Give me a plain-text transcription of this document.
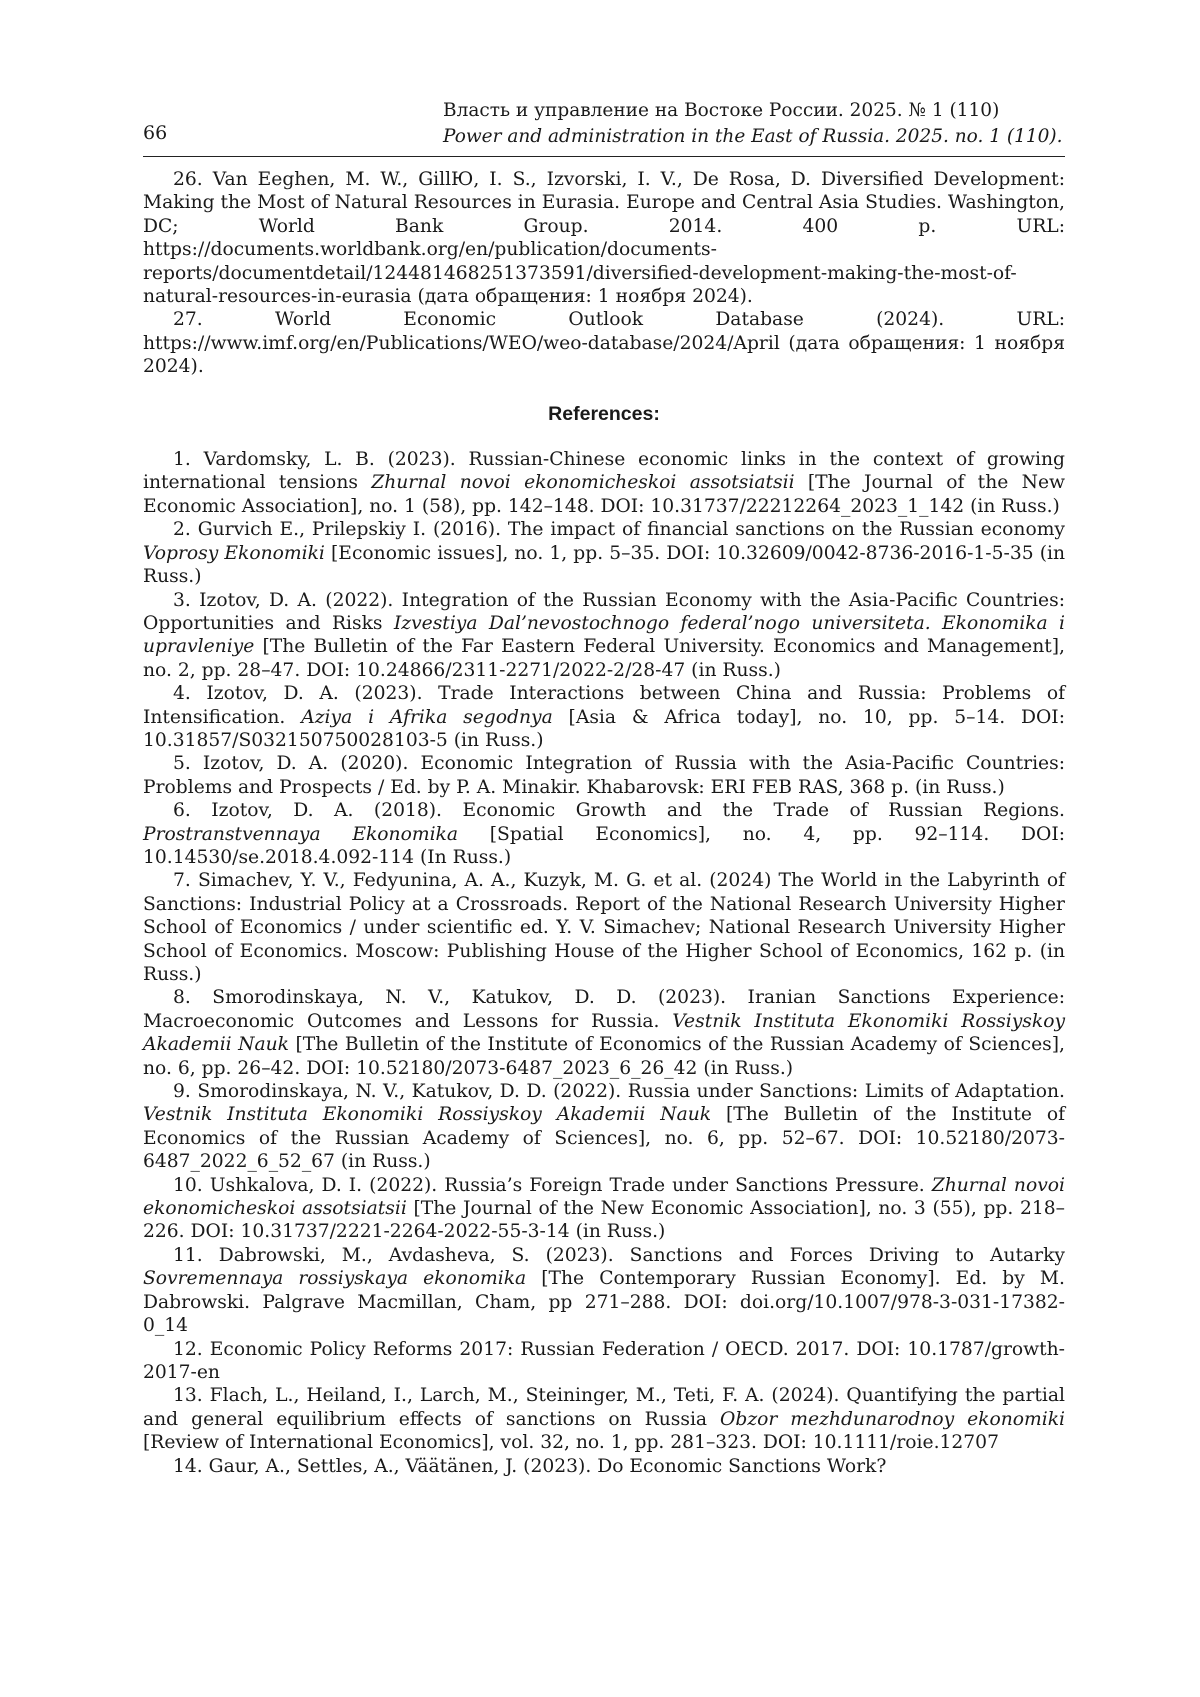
66
Власть и управление на Востоке России. 2025. № 1 (110)
Power and administration in the East of Russia. 2025. no. 1 (110).

26. Van Eeghen, M. W., GillЮ, I. S., Izvorski, I. V., De Rosa, D. Diversified Development: Making the Most of Natural Resources in Eurasia. Europe and Central Asia Studies. Washington, DC; World Bank Group. 2014. 400 p. URL: https://documents.worldbank.org/en/publication/documents-reports/documentdetail/124481468251373591/diversified-development-making-the-most-of-natural-resources-in-eurasia (дата обращения: 1 ноября 2024).

27. World Economic Outlook Database (2024). URL: https://www.imf.org/en/Publications/WEO/weo-database/2024/April (дата обращения: 1 ноября 2024).

References:

1. Vardomsky, L. B. (2023). Russian-Chinese economic links in the context of growing international tensions Zhurnal novoi ekonomicheskoi assotsiatsii [The Journal of the New Economic Association], no. 1 (58), pp. 142–148. DOI: 10.31737/22212264_2023_1_142 (in Russ.)

2. Gurvich E., Prilepskiy I. (2016). The impact of financial sanctions on the Russian economy Voprosy Ekonomiki [Economic issues], no. 1, pp. 5–35. DOI: 10.32609/0042-8736-2016-1-5-35 (in Russ.)

3. Izotov, D. A. (2022). Integration of the Russian Economy with the Asia-Pacific Countries: Opportunities and Risks Izvestiya Dal’nevostochnogo federal’nogo universiteta. Ekonomika i upravleniye [The Bulletin of the Far Eastern Federal University. Economics and Management], no. 2, pp. 28–47. DOI: 10.24866/2311-2271/2022-2/28-47 (in Russ.)

4. Izotov, D. A. (2023). Trade Interactions between China and Russia: Problems of Intensification. Aziya i Afrika segodnya [Asia & Africa today], no. 10, pp. 5–14. DOI: 10.31857/S032150750028103-5 (in Russ.)

5. Izotov, D. A. (2020). Economic Integration of Russia with the Asia-Pacific Countries: Problems and Prospects / Ed. by P. A. Minakir. Khabarovsk: ERI FEB RAS, 368 p. (in Russ.)

6. Izotov, D. A. (2018). Economic Growth and the Trade of Russian Regions. Prostranstvennaya Ekonomika [Spatial Economics], no. 4, pp. 92–114. DOI: 10.14530/se.2018.4.092-114 (In Russ.)

7. Simachev, Y. V., Fedyunina, A. A., Kuzyk, M. G. et al. (2024) The World in the Labyrinth of Sanctions: Industrial Policy at a Crossroads. Report of the National Research University Higher School of Economics / under scientific ed. Y. V. Simachev; National Research University Higher School of Economics. Moscow: Publishing House of the Higher School of Economics, 162 p. (in Russ.)

8. Smorodinskaya, N. V., Katukov, D. D. (2023). Iranian Sanctions Experience: Macroeconomic Outcomes and Lessons for Russia. Vestnik Instituta Ekonomiki Rossiyskoy Akademii Nauk [The Bulletin of the Institute of Economics of the Russian Academy of Sciences], no. 6, pp. 26–42. DOI: 10.52180/2073-6487_2023_6_26_42 (in Russ.)

9. Smorodinskaya, N. V., Katukov, D. D. (2022). Russia under Sanctions: Limits of Adaptation. Vestnik Instituta Ekonomiki Rossiyskoy Akademii Nauk [The Bulletin of the Institute of Economics of the Russian Academy of Sciences], no. 6, pp. 52–67. DOI: 10.52180/2073-6487_2022_6_52_67 (in Russ.)

10. Ushkalova, D. I. (2022). Russia’s Foreign Trade under Sanctions Pressure. Zhurnal novoi ekonomicheskoi assotsiatsii [The Journal of the New Economic Association], no. 3 (55), pp. 218–226. DOI: 10.31737/2221-2264-2022-55-3-14 (in Russ.)

11. Dabrowski, M., Avdasheva, S. (2023). Sanctions and Forces Driving to Autarky Sovremennaya rossiyskaya ekonomika [The Contemporary Russian Economy]. Ed. by M. Dabrowski. Palgrave Macmillan, Cham, pp 271–288. DOI: doi.org/10.1007/978-3-031-17382-0_14

12. Economic Policy Reforms 2017: Russian Federation / OECD. 2017. DOI: 10.1787/growth-2017-en

13. Flach, L., Heiland, I., Larch, M., Steininger, M., Teti, F. A. (2024). Quantifying the partial and general equilibrium effects of sanctions on Russia Obzor mezhdunarodnoy ekonomiki [Review of International Economics], vol. 32, no. 1, pp. 281–323. DOI: 10.1111/roie.12707

14. Gaur, A., Settles, A., Väätänen, J. (2023). Do Economic Sanctions Work?
